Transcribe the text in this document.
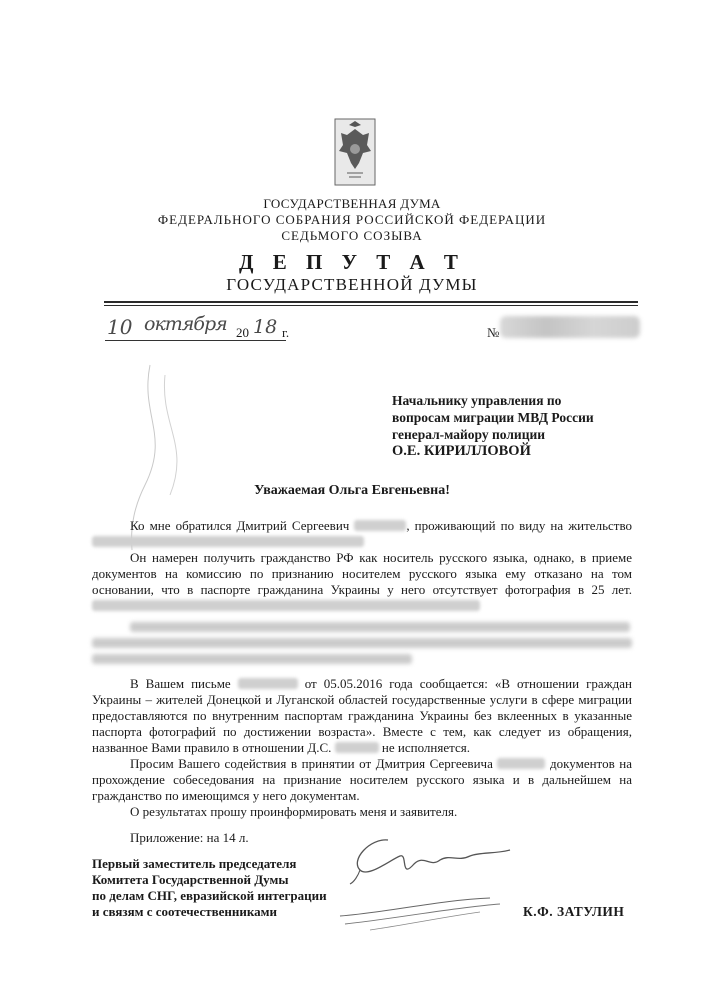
ГОСУДАРСТВЕННАЯ ДУМА
ФЕДЕРАЛЬНОГО СОБРАНИЯ РОССИЙСКОЙ ФЕДЕРАЦИИ
СЕДЬМОГО СОЗЫВА
Д Е П У Т А Т
ГОСУДАРСТВЕННОЙ ДУМЫ
10 октября 20 18 г.	№
Начальнику управления по
вопросам миграции МВД России
генерал-майору полиции
О.Е. КИРИЛЛОВОЙ
Уважаемая Ольга Евгеньевна!

Ко мне обратился Дмитрий Сергеевич	, проживающий по виду на жительство

Он намерен получить гражданство РФ как носитель русского языка, однако, в приеме документов на комиссию по признанию носителем русского языка ему отказано на том основании, что в паспорте гражданина Украины у него отсутствует фотография в 25 лет.

В Вашем письме	от 05.05.2016 года сообщается: «В отношении граждан Украины – жителей Донецкой и Луганской областей государственные услуги в сфере миграции предоставляются по внутренним паспортам гражданина Украины без вклеенных в указанные паспорта фотографий по достижении возраста». Вместе с тем, как следует из обращения, названное Вами правило в отношении Д.С.	не исполняется.

Просим Вашего содействия в принятии от Дмитрия Сергеевича	документов на прохождение собеседования на признание носителем русского языка и в дальнейшем на гражданство по имеющимся у него документам.

О результатах прошу проинформировать меня и заявителя.

Приложение: на 14 л.

Первый заместитель председателя
Комитета Государственной Думы
по делам СНГ, евразийской интеграции
и связям с соотечественниками	К.Ф. ЗАТУЛИН
